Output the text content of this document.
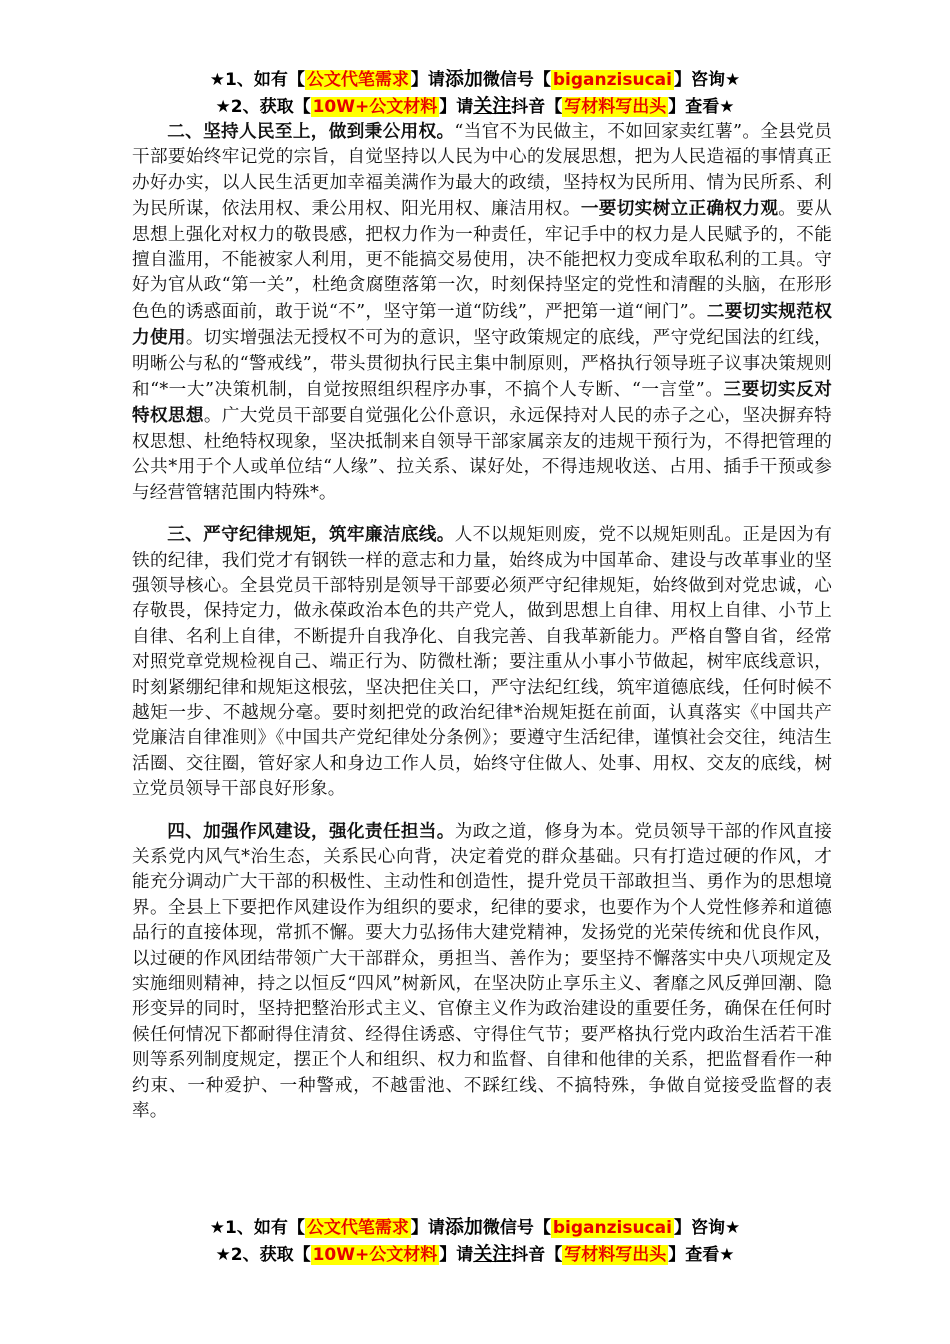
★1、如有【 公文代笔需求 】请添加微信号【 biganzisucai 】咨询★
★2、获取【 10W+公文材料 】请关注抖音【 写材料写出头 】查看★

二、坚持人民至上，做到秉公用权。“当官不为民做主，不如回家卖红薯”。全县党员干部要始终牢记党的宗旨，自觉坚持以人民为中心的发展思想，把为人民造福的事情真正办好办实，以人民生活更加幸福美满作为最大的政绩，坚持权为民所用、情为民所系、利为民所谋，依法用权、秉公用权、阳光用权、廉洁用权。一要切实树立正确权力观。要从思想上强化对权力的敬畏感，把权力作为一种责任，牢记手中的权力是人民赋予的，不能擅自滥用，不能被家人利用，更不能搞交易使用，决不能把权力变成牟取私利的工具。守好为官从政“第一关”，杜绝贪腐堕落第一次，时刻保持坚定的党性和清醒的头脑，在形形色色的诱惑面前，敢于说“不”，坚守第一道“防线”，严把第一道“闸门”。二要切实规范权力使用。切实增强法无授权不可为的意识，坚守政策规定的底线，严守党纪国法的红线，明晰公与私的“警戒线”，带头贯彻执行民主集中制原则，严格执行领导班子议事决策规则和“*一大”决策机制，自觉按照组织程序办事，不搞个人专断、“一言堂”。三要切实反对特权思想。广大党员干部要自觉强化公仆意识，永远保持对人民的赤子之心，坚决摒弃特权思想、杜绝特权现象，坚决抵制来自领导干部家属亲友的违规干预行为，不得把管理的公共*用于个人或单位结“人缘”、拉关系、谋好处，不得违规收送、占用、插手干预或参与经营管辖范围内特殊*。

三、严守纪律规矩，筑牢廉洁底线。人不以规矩则废，党不以规矩则乱。正是因为有铁的纪律，我们党才有钢铁一样的意志和力量，始终成为中国革命、建设与改革事业的坚强领导核心。全县党员干部特别是领导干部要必须严守纪律规矩，始终做到对党忠诚，心存敬畏，保持定力，做永葆政治本色的共产党人，做到思想上自律、用权上自律、小节上自律、名利上自律，不断提升自我净化、自我完善、自我革新能力。严格自警自省，经常对照党章党规检视自己、端正行为、防微杜渐；要注重从小事小节做起，树牢底线意识，时刻紧绷纪律和规矩这根弦，坚决把住关口，严守法纪红线，筑牢道德底线，任何时候不越矩一步、不越规分毫。要时刻把党的政治纪律*治规矩挺在前面，认真落实《中国共产党廉洁自律准则》《中国共产党纪律处分条例》；要遵守生活纪律，谨慎社会交往，纯洁生活圈、交往圈，管好家人和身边工作人员，始终守住做人、处事、用权、交友的底线，树立党员领导干部良好形象。

四、加强作风建设，强化责任担当。为政之道，修身为本。党员领导干部的作风直接关系党内风气*治生态，关系民心向背，决定着党的群众基础。只有打造过硬的作风，才能充分调动广大干部的积极性、主动性和创造性，提升党员干部敢担当、勇作为的思想境界。全县上下要把作风建设作为组织的要求，纪律的要求，也要作为个人党性修养和道德品行的直接体现，常抓不懈。要大力弘扬伟大建党精神，发扬党的光荣传统和优良作风，以过硬的作风团结带领广大干部群众，勇担当、善作为；要坚持不懈落实中央八项规定及实施细则精神，持之以恒反“四风”树新风，在坚决防止享乐主义、奢靡之风反弹回潮、隐形变异的同时，坚持把整治形式主义、官僚主义作为政治建设的重要任务，确保在任何时候任何情况下都耐得住清贫、经得住诱惑、守得住气节；要严格执行党内政治生活若干准则等系列制度规定，摆正个人和组织、权力和监督、自律和他律的关系，把监督看作一种约束、一种爱护、一种警戒，不越雷池、不踩红线、不搞特殊，争做自觉接受监督的表率。

★1、如有【 公文代笔需求 】请添加微信号【 biganzisucai 】咨询★
★2、获取【 10W+公文材料 】请关注抖音【 写材料写出头 】查看★
